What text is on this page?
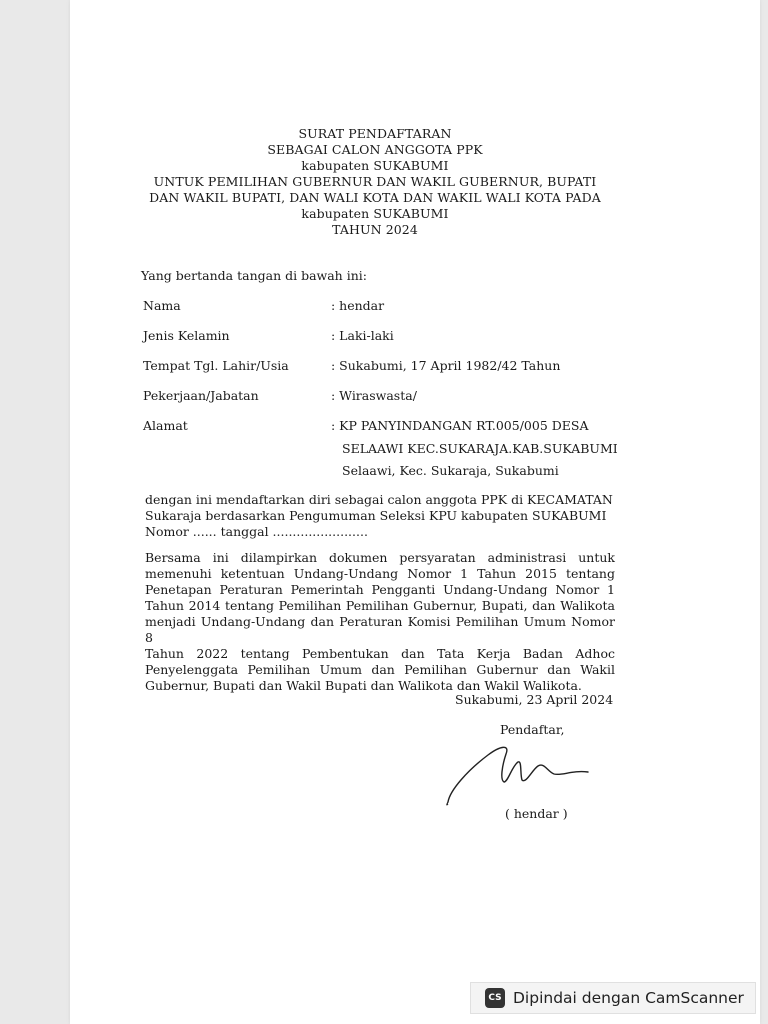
SURAT PENDAFTARAN
SEBAGAI CALON ANGGOTA PPK
kabupaten SUKABUMI
UNTUK PEMILIHAN GUBERNUR DAN WAKIL GUBERNUR, BUPATI
DAN WAKIL BUPATI, DAN WALI KOTA DAN WAKIL WALI KOTA PADA
kabupaten SUKABUMI
TAHUN 2024
Yang bertanda tangan di bawah ini:
Nama	: hendar
Jenis Kelamin	: Laki-laki
Tempat Tgl. Lahir/Usia	: Sukabumi, 17 April 1982/42 Tahun
Pekerjaan/Jabatan	: Wiraswasta/
Alamat	: KP PANYINDANGAN RT.005/005 DESA
SELAAWI KEC.SUKARAJA.KAB.SUKABUMI
Selaawi, Kec. Sukaraja, Sukabumi
dengan ini mendaftarkan diri sebagai calon anggota PPK di KECAMATAN
Sukaraja berdasarkan Pengumuman Seleksi KPU kabupaten SUKABUMI
Nomor ...... tanggal ........................
Bersama ini dilampirkan dokumen persyaratan administrasi untuk
memenuhi ketentuan Undang-Undang Nomor 1 Tahun 2015 tentang
Penetapan Peraturan Pemerintah Pengganti Undang-Undang Nomor 1
Tahun 2014 tentang Pemilihan Pemilihan Gubernur, Bupati, dan Walikota
menjadi Undang-Undang dan Peraturan Komisi Pemilihan Umum Nomor 8
Tahun 2022 tentang Pembentukan dan Tata Kerja Badan Adhoc
Penyelenggata Pemilihan Umum dan Pemilihan Gubernur dan Wakil
Gubernur, Bupati dan Wakil Bupati dan Walikota dan Wakil Walikota.
Sukabumi, 23 April 2024
Pendaftar,
( hendar )
CS Dipindai dengan CamScanner
